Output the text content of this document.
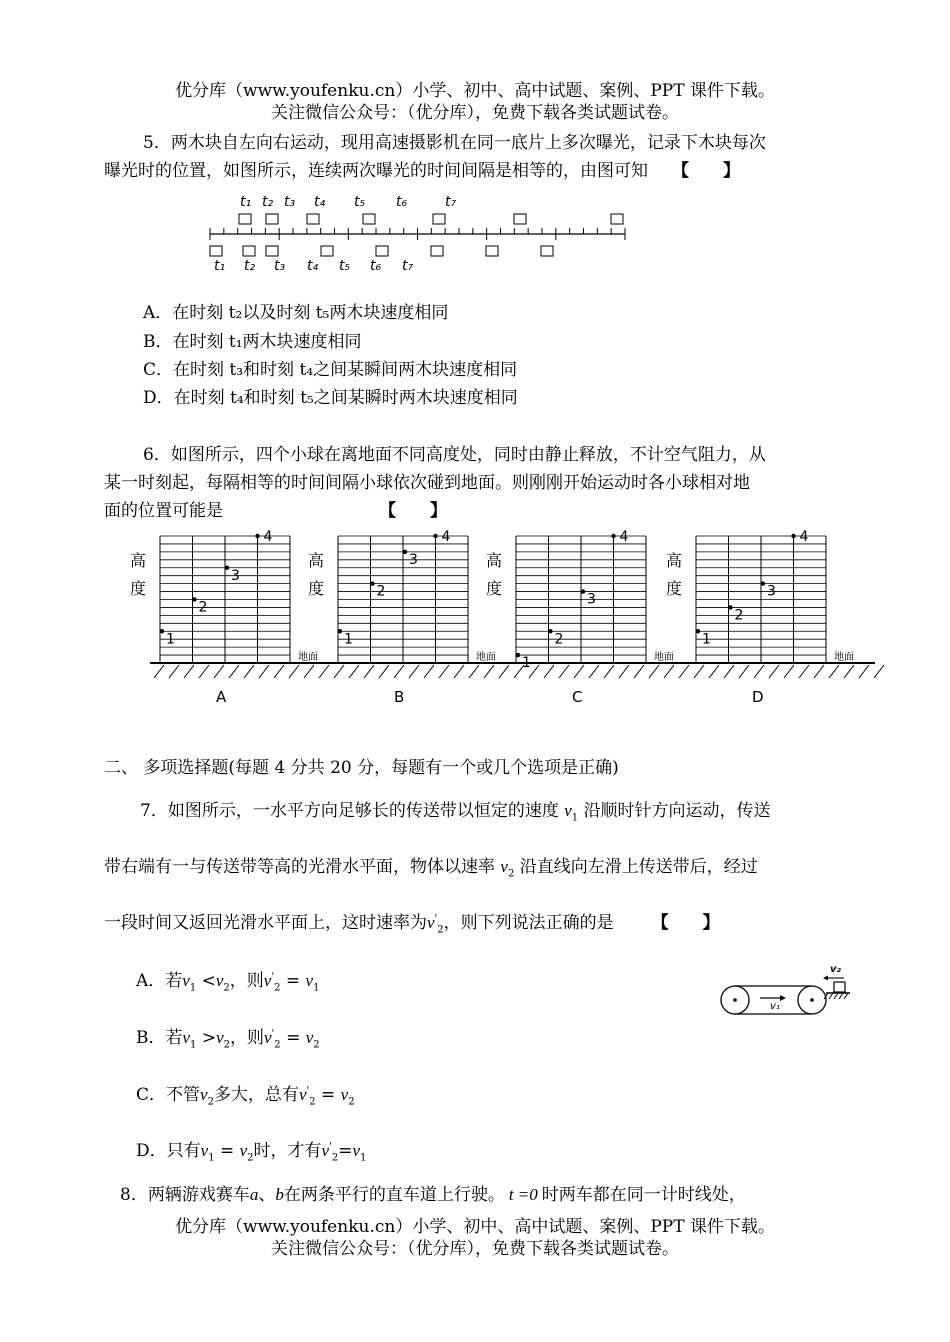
优分库（www.youfenku.cn）小学、初中、高中试题、案例、PPT 课件下载。
关注微信公众号：（优分库），免费下载各类试题试卷。
5．两木块自左向右运动，现用高速摄影机在同一底片上多次曝光，记录下木块每次
曝光时的位置，如图所示，连续两次曝光的时间间隔是相等的，由图可知 【　　】
t₁ t₂ t₃ t₄ t₅ t₆	t₇
t₁ t₂ t₃ t₄ t₅ t₆ t₇
A．在时刻 t₂以及时刻 t₅两木块速度相同
B．在时刻 t₁两木块速度相同
C．在时刻 t₃和时刻 t₄之间某瞬间两木块速度相同
D．在时刻 t₄和时刻 t₅之间某瞬时两木块速度相同
6．如图所示，四个小球在离地面不同高度处，同时由静止释放，不计空气阻力，从
某一时刻起，每隔相等的时间间隔小球依次碰到地面。则刚刚开始运动时各小球相对地
面的位置可能是	【　　】
高
度
地面
1
2
3
4
A
高
度
地面
1
2
3
4
B
高
度
地面
1
2
3
4
C
高
度
地面
1
2
3
4
D
二、 多项选择题(每题 4 分共 20 分，每题有一个或几个选项是正确)
7．如图所示，一水平方向足够长的传送带以恒定的速度 $v_1$ 沿顺时针方向运动，传送
带右端有一与传送带等高的光滑水平面，物体以速率 $v_2$ 沿直线向左滑上传送带后，经过
一段时间又返回光滑水平面上，这时速率为$v'_2$，则下列说法正确的是 【　　】
A．若$v_1 <v_2$，则$v'_2 = v_1$
B．若$v_1 >v_2$，则$v'_2 = v_2$
C．不管$v_2$多大，总有$v'_2 = v_2$
D．只有$v_1 = v_2$时，才有$v'_2=v_1$
v₁
v₂
8．两辆游戏赛车a、b在两条平行的直车道上行驶。 t =0 时两车都在同一计时线处，
优分库（www.youfenku.cn）小学、初中、高中试题、案例、PPT 课件下载。
关注微信公众号：（优分库），免费下载各类试题试卷。
